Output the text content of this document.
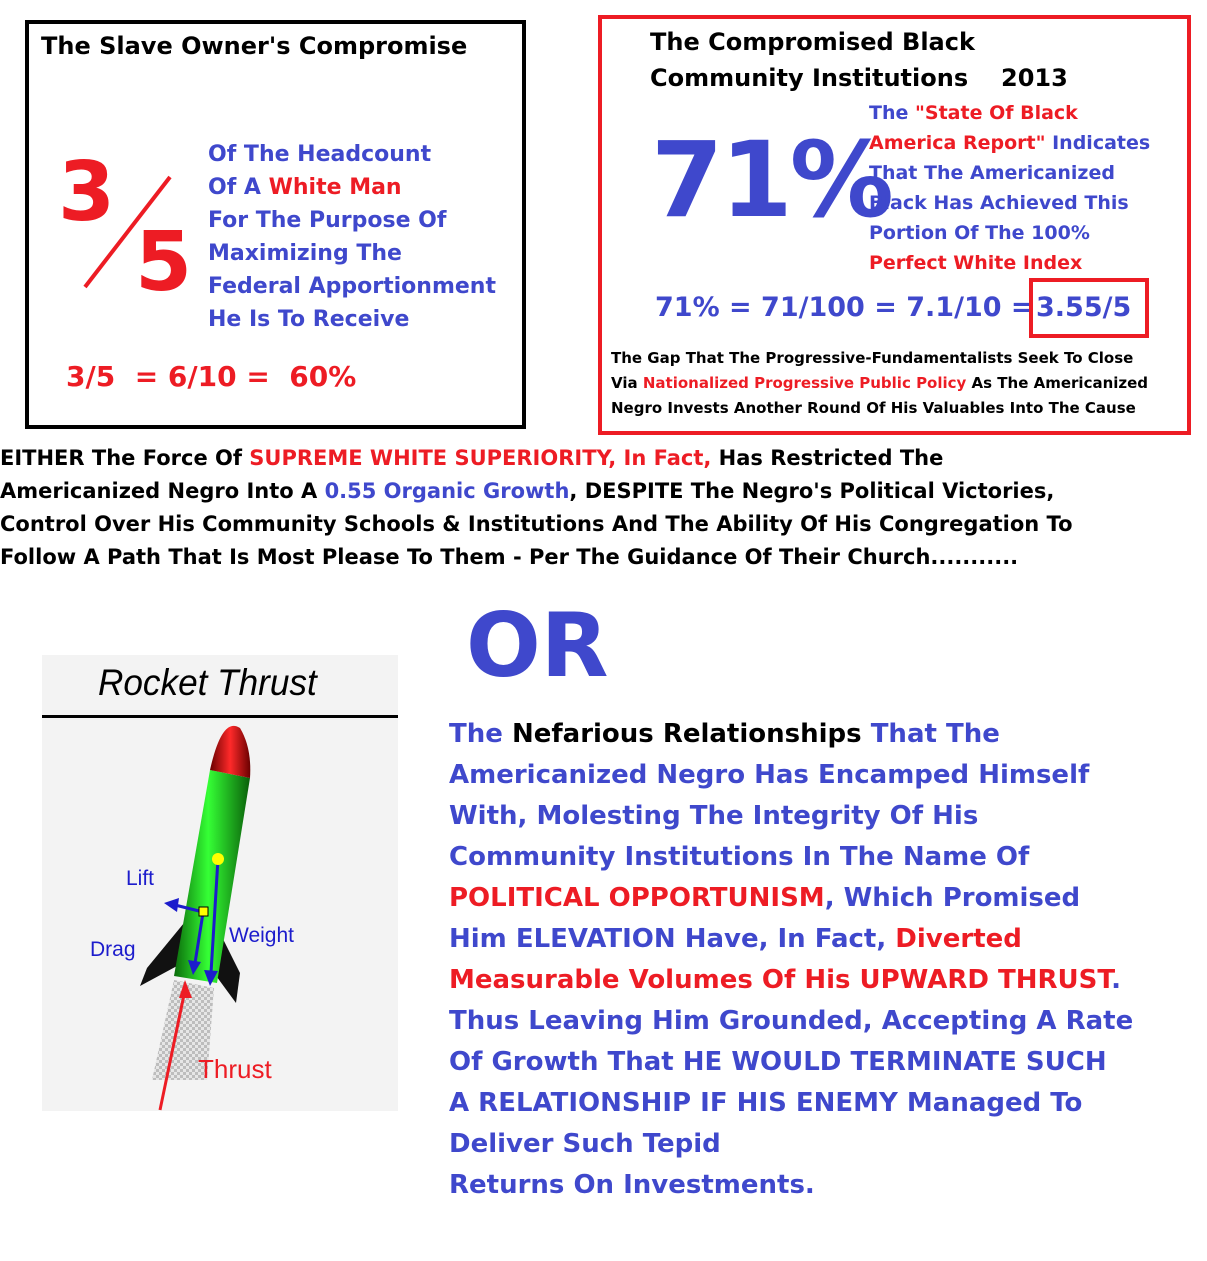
The Slave Owner's Compromise
3
5
Of The Headcount
Of A White Man
For The Purpose Of
Maximizing The
Federal Apportionment
He Is To Receive
3/5  = 6/10 =  60%
The Compromised Black
Community Institutions 2013
71%
The "State Of Black
America Report" Indicates
That The Americanized
Black Has Achieved This
Portion Of The 100%
Perfect White Index
71% = 71/100 = 7.1/10 = 3.55/5
The Gap That The Progressive-Fundamentalists Seek To Close
Via Nationalized Progressive Public Policy As The Americanized
Negro Invests Another Round Of His Valuables Into The Cause
EITHER The Force Of SUPREME WHITE SUPERIORITY, In Fact, Has Restricted The
Americanized Negro Into A 0.55 Organic Growth, DESPITE The Negro's Political Victories,
Control Over His Community Schools & Institutions And The Ability Of His Congregation To
Follow A Path That Is Most Please To Them - Per The Guidance Of Their Church...........
OR
Rocket Thrust
Lift
Drag
Weight
Thrust
The Nefarious Relationships That The
Americanized Negro Has Encamped Himself
With, Molesting The Integrity Of His
Community Institutions In The Name Of
POLITICAL OPPORTUNISM, Which Promised
Him ELEVATION Have, In Fact, Diverted
Measurable Volumes Of His UPWARD THRUST.
Thus Leaving Him Grounded, Accepting A Rate
Of Growth That HE WOULD TERMINATE SUCH
A RELATIONSHIP IF HIS ENEMY Managed To
Deliver Such Tepid
Returns On Investments.
